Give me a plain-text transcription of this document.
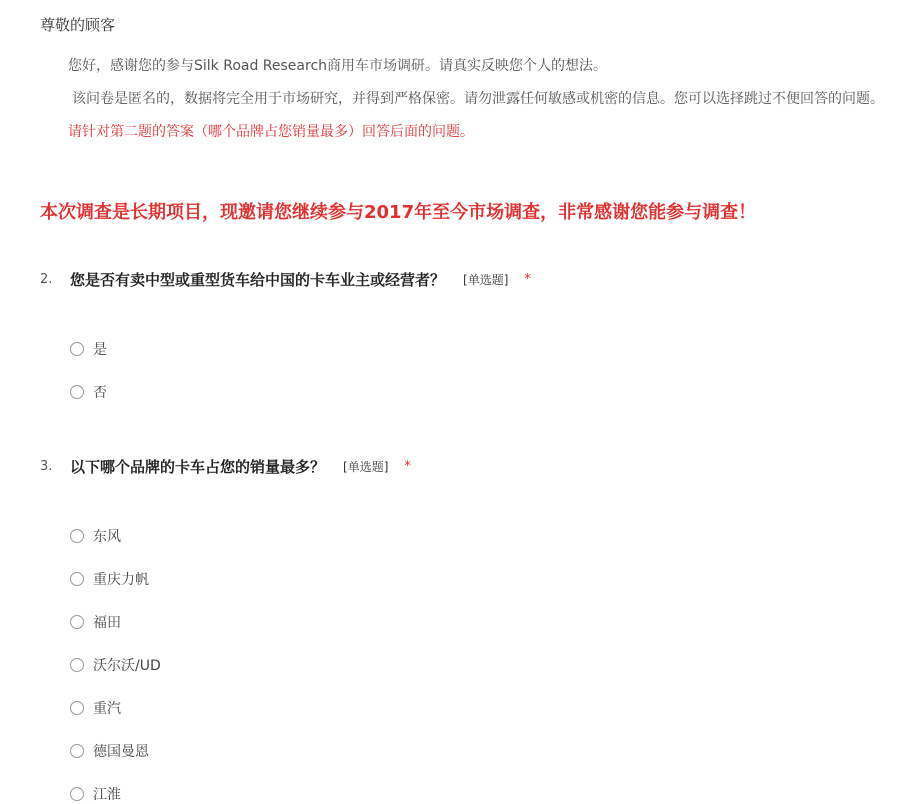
尊敬的顾客
您好，感谢您的参与Silk Road Research商用车市场调研。请真实反映您个人的想法。
该问卷是匿名的，数据将完全用于市场研究，并得到严格保密。请勿泄露任何敏感或机密的信息。您可以选择跳过不便回答的问题。
请针对第二题的答案（哪个品牌占您销量最多）回答后面的问题。
本次调查是长期项目，现邀请您继续参与2017年至今市场调查，非常感谢您能参与调查！
2.	您是否有卖中型或重型货车给中国的卡车业主或经营者？ [单选题] *
是
否
3.	以下哪个品牌的卡车占您的销量最多？ [单选题] *
东风
重庆力帆
福田
沃尔沃/UD
重汽
德国曼恩
江淮
